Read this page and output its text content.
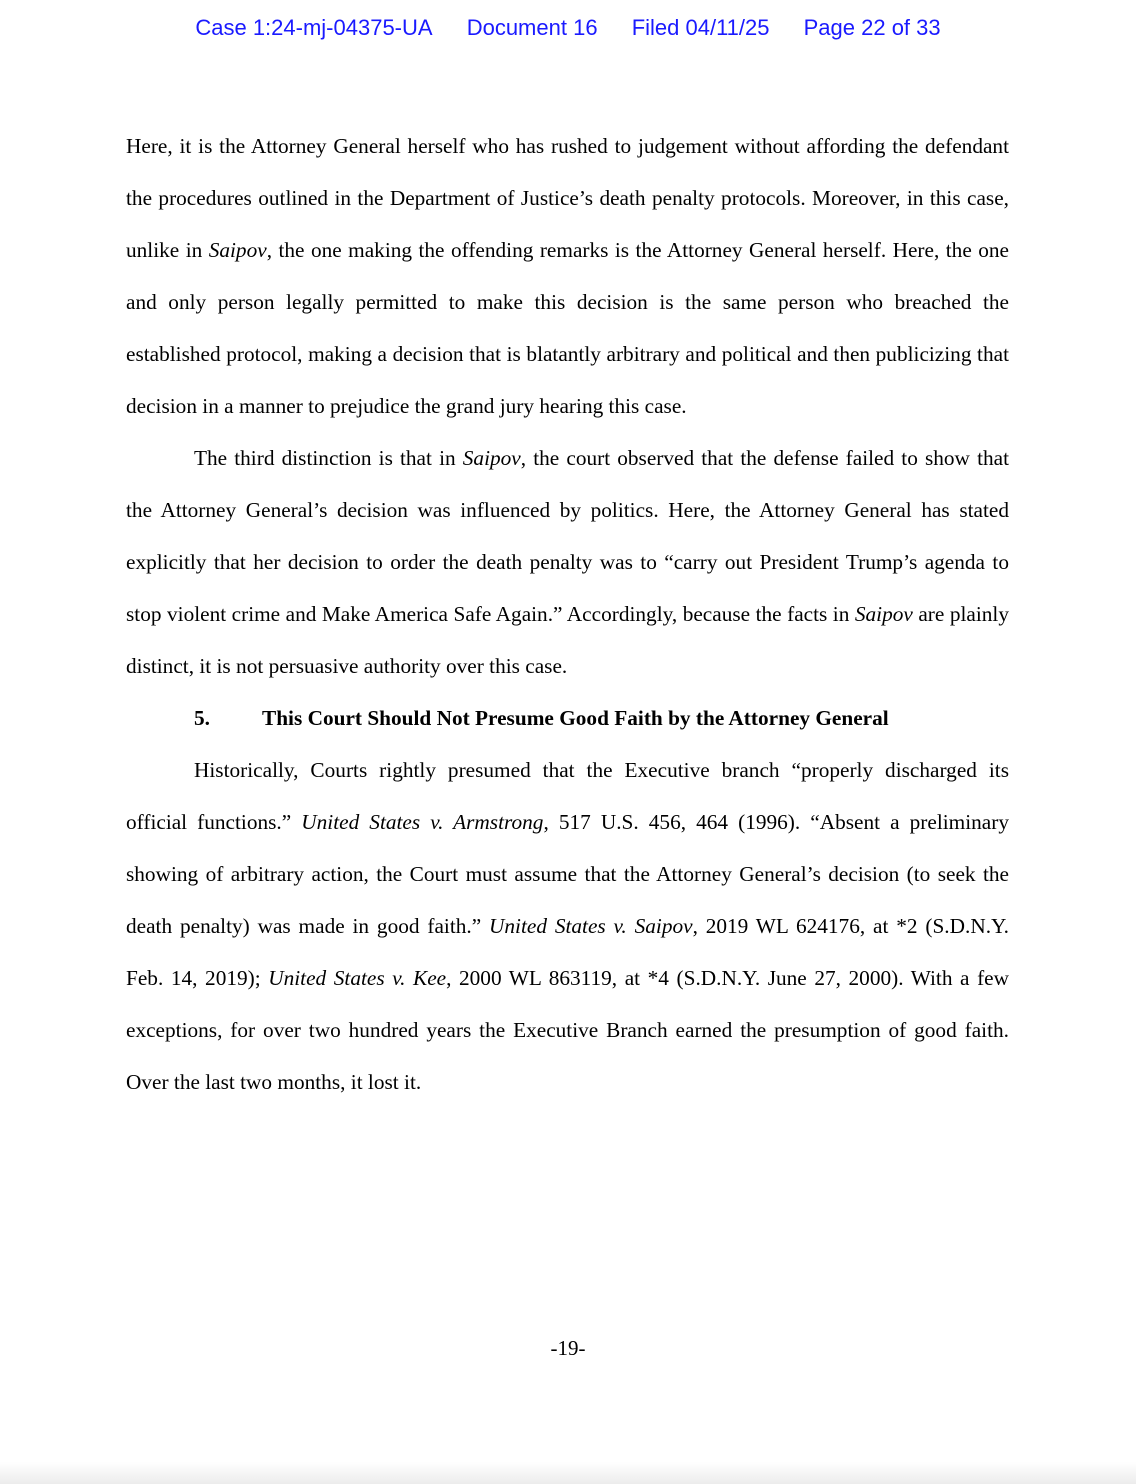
Case 1:24-mj-04375-UA Document 16 Filed 04/11/25 Page 22 of 33

Here, it is the Attorney General herself who has rushed to judgement without affording the defendant the procedures outlined in the Department of Justice’s death penalty protocols. Moreover, in this case, unlike in Saipov, the one making the offending remarks is the Attorney General herself. Here, the one and only person legally permitted to make this decision is the same person who breached the established protocol, making a decision that is blatantly arbitrary and political and then publicizing that decision in a manner to prejudice the grand jury hearing this case.

The third distinction is that in Saipov, the court observed that the defense failed to show that the Attorney General’s decision was influenced by politics. Here, the Attorney General has stated explicitly that her decision to order the death penalty was to “carry out President Trump’s agenda to stop violent crime and Make America Safe Again.” Accordingly, because the facts in Saipov are plainly distinct, it is not persuasive authority over this case.

5. This Court Should Not Presume Good Faith by the Attorney General

Historically, Courts rightly presumed that the Executive branch “properly discharged its official functions.” United States v. Armstrong, 517 U.S. 456, 464 (1996). “Absent a preliminary showing of arbitrary action, the Court must assume that the Attorney General’s decision (to seek the death penalty) was made in good faith.” United States v. Saipov, 2019 WL 624176, at *2 (S.D.N.Y. Feb. 14, 2019); United States v. Kee, 2000 WL 863119, at *4 (S.D.N.Y. June 27, 2000). With a few exceptions, for over two hundred years the Executive Branch earned the presumption of good faith. Over the last two months, it lost it.

-19-
